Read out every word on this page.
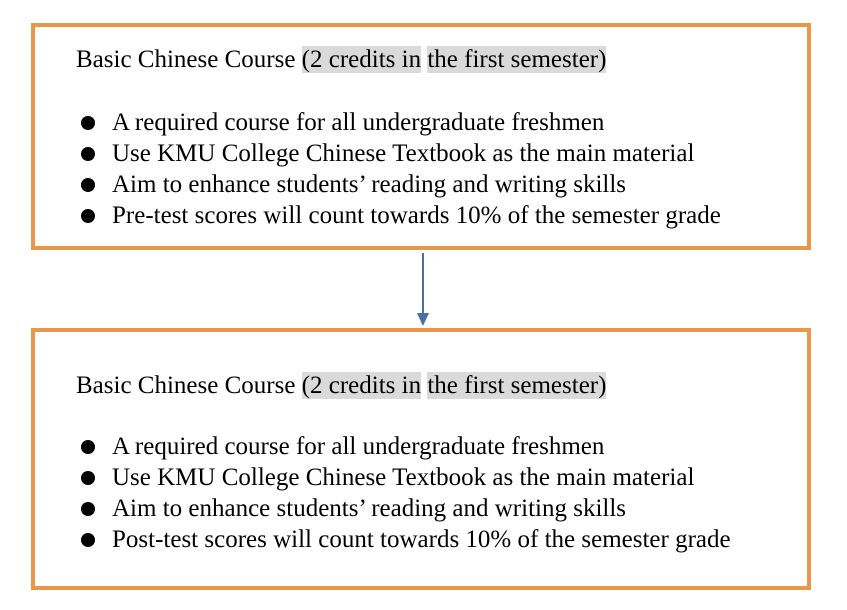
Basic Chinese Course (2 credits in the first semester)
A required course for all undergraduate freshmen
Use KMU College Chinese Textbook as the main material
Aim to enhance students’ reading and writing skills
Pre-test scores will count towards 10% of the semester grade
Basic Chinese Course (2 credits in the first semester)
A required course for all undergraduate freshmen
Use KMU College Chinese Textbook as the main material
Aim to enhance students’ reading and writing skills
Post-test scores will count towards 10% of the semester grade
